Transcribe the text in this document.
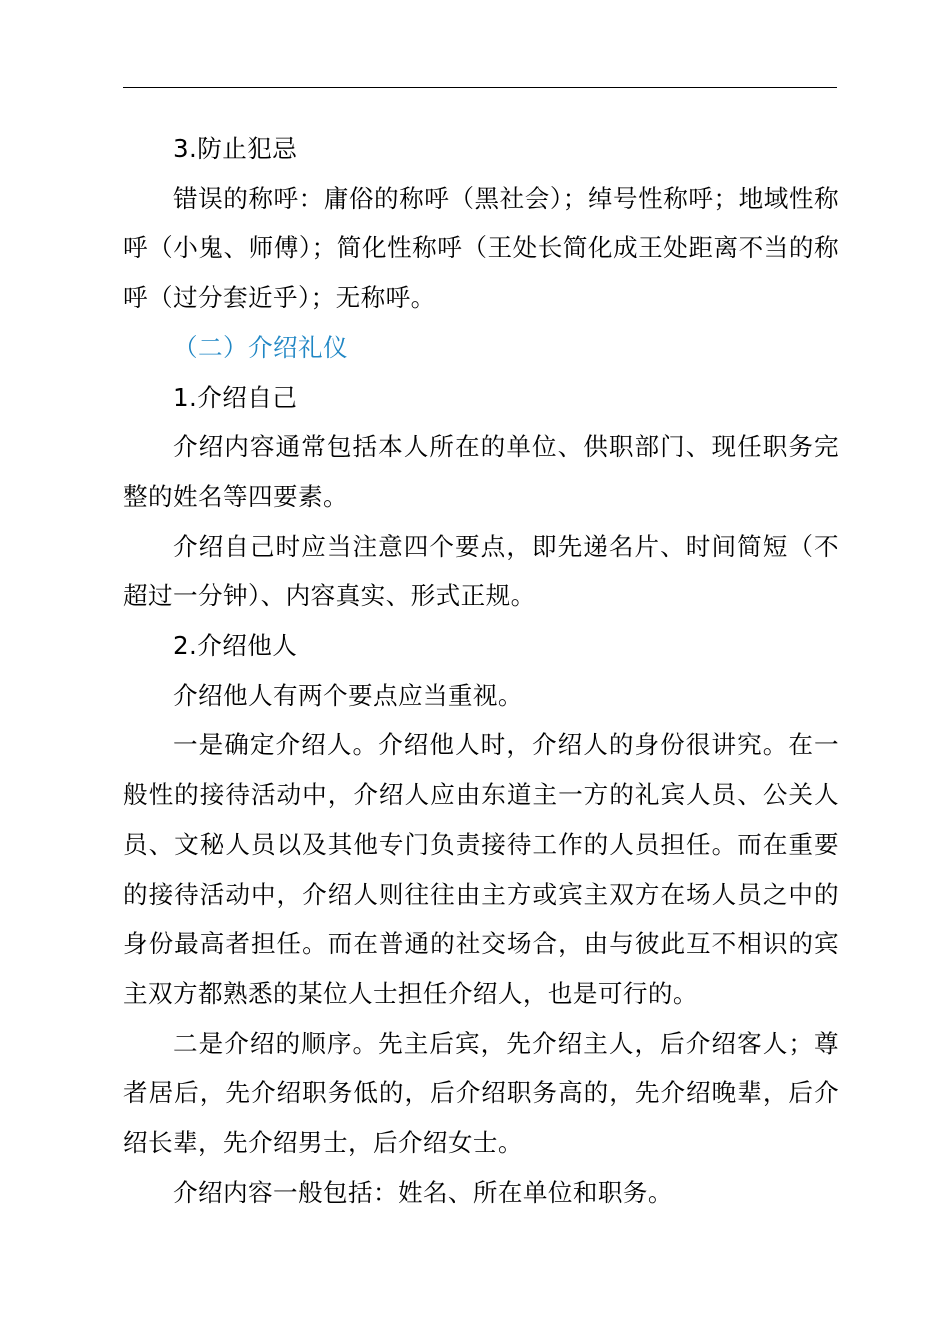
3.防止犯忌

错误的称呼：庸俗的称呼（黑社会）；绰号性称呼；地域性称呼（小鬼、师傅）；简化性称呼（王处长简化成王处距离不当的称呼（过分套近乎）；无称呼。

（二）介绍礼仪

1.介绍自己

介绍内容通常包括本人所在的单位、供职部门、现任职务完整的姓名等四要素。

介绍自己时应当注意四个要点，即先递名片、时间简短（不超过一分钟）、内容真实、形式正规。

2.介绍他人

介绍他人有两个要点应当重视。

一是确定介绍人。介绍他人时，介绍人的身份很讲究。在一般性的接待活动中，介绍人应由东道主一方的礼宾人员、公关人员、文秘人员以及其他专门负责接待工作的人员担任。而在重要的接待活动中，介绍人则往往由主方或宾主双方在场人员之中的身份最高者担任。而在普通的社交场合，由与彼此互不相识的宾主双方都熟悉的某位人士担任介绍人，也是可行的。

二是介绍的顺序。先主后宾，先介绍主人，后介绍客人；尊者居后，先介绍职务低的，后介绍职务高的，先介绍晚辈，后介绍长辈，先介绍男士，后介绍女士。

介绍内容一般包括：姓名、所在单位和职务。
